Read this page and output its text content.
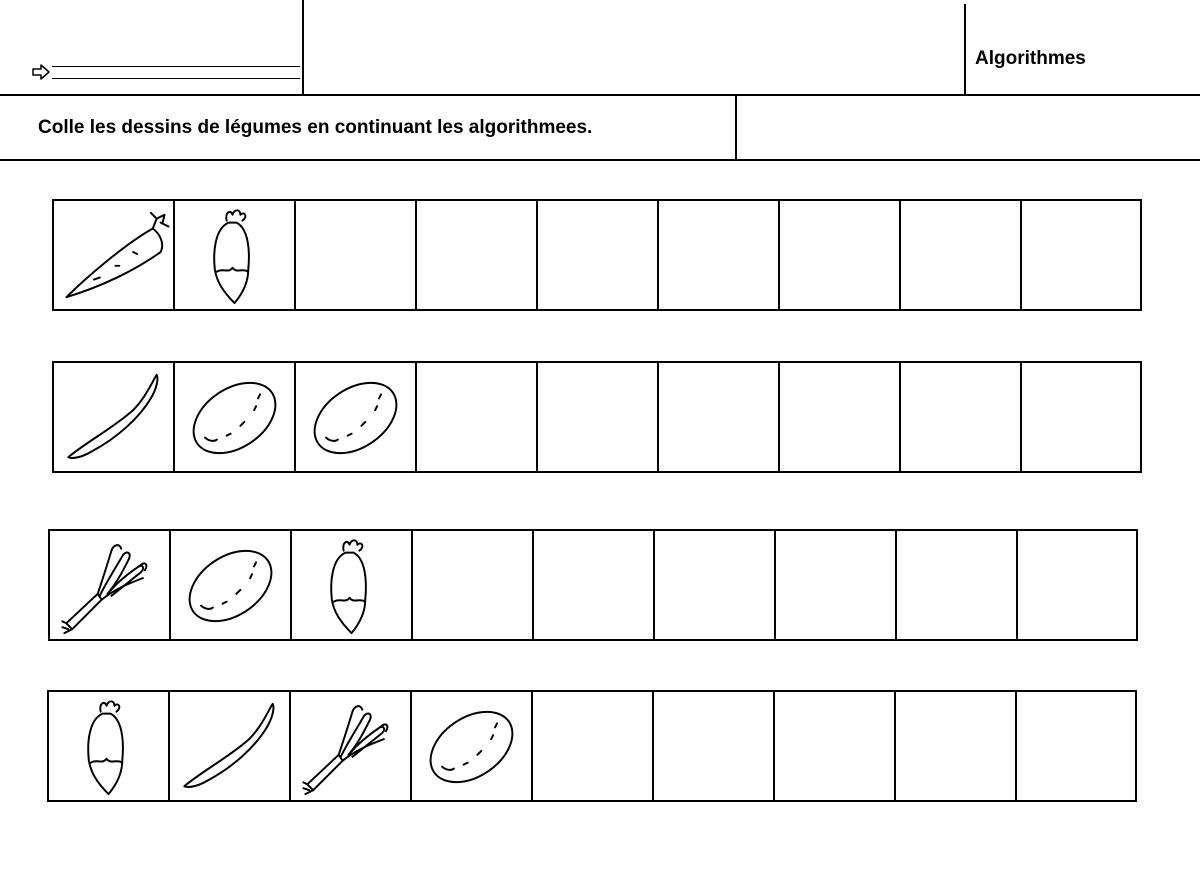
Algorithmes
Colle les dessins de légumes en continuant les algorithmees.
